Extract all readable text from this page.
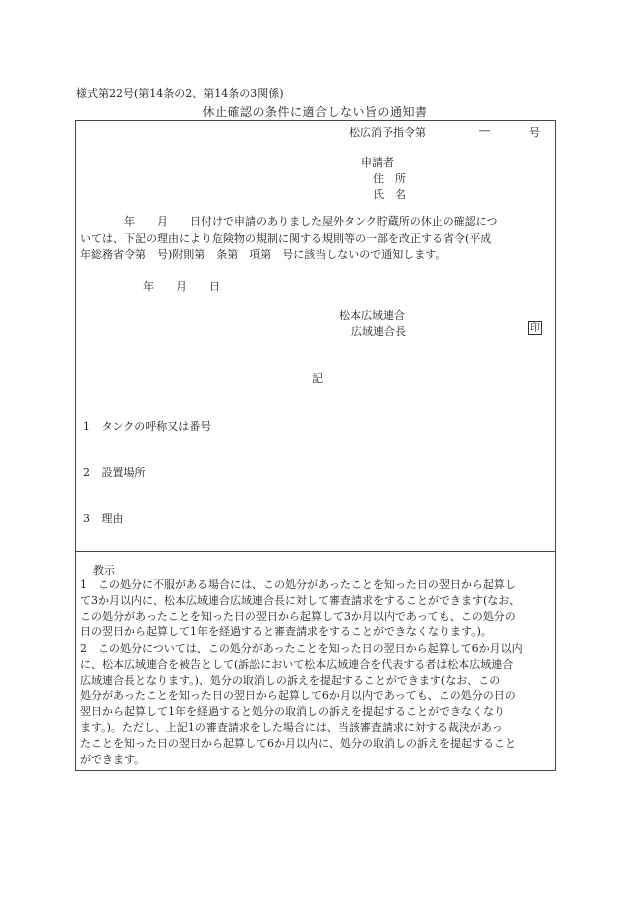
様式第22号(第14条の2、第14条の3関係)
休止確認の条件に適合しない旨の通知書
松広消予指令第	―	号
申請者
住　所
氏　名
　　　　年　　月　　日付けで申請のありました屋外タンク貯蔵所の休止の確認につ
いては、下記の理由により危険物の規制に関する規則等の一部を改正する省令(平成
年総務省令第　号)附則第　条第　項第　号に該当しないので通知します。
年　　月　　日
松本広域連合
広域連合長	印
記
1 タンクの呼称又は番号
2 設置場所
3 理由
教示
1　この処分に不服がある場合には、この処分があったことを知った日の翌日から起算し
て3か月以内に、松本広域連合広域連合長に対して審査請求をすることができます(なお、
この処分があったことを知った日の翌日から起算して3か月以内であっても、この処分の
日の翌日から起算して1年を経過すると審査請求をすることができなくなります。)。
2　この処分については、この処分があったことを知った日の翌日から起算して6か月以内
に、松本広域連合を被告として(訴訟において松本広域連合を代表する者は松本広域連合
広域連合長となります。)、処分の取消しの訴えを提起することができます(なお、この
処分があったことを知った日の翌日から起算して6か月以内であっても、この処分の日の
翌日から起算して1年を経過すると処分の取消しの訴えを提起することができなくなり
ます。)。ただし、上記1の審査請求をした場合には、当該審査請求に対する裁決があっ
たことを知った日の翌日から起算して6か月以内に、処分の取消しの訴えを提起すること
ができます。
